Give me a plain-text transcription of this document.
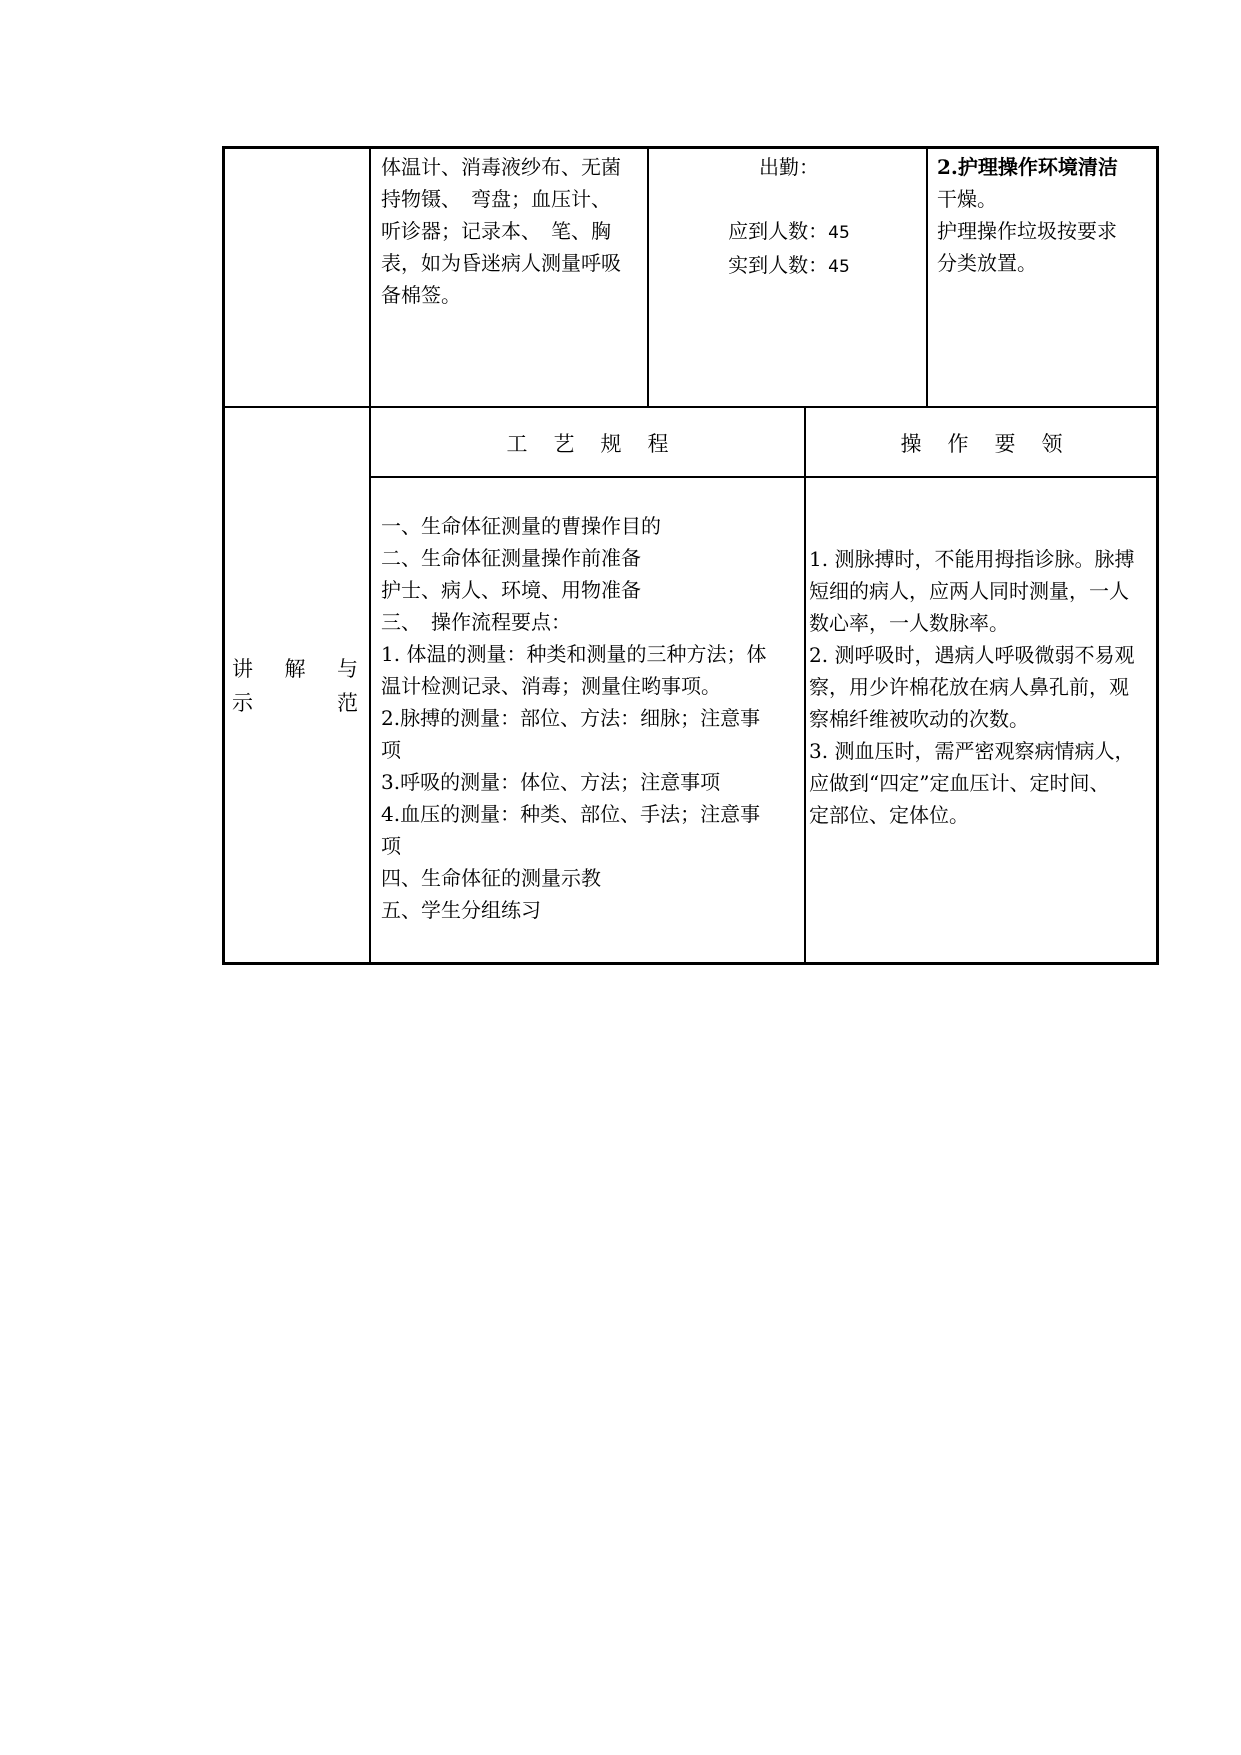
体温计、消毒液纱布、无菌
持物镊、　弯盘；血压计、
听诊器；记录本、　笔、胸
表，如为昏迷病人测量呼吸
备棉签。
出勤：
应到人数：45
实到人数：45
2.护理操作环境清洁
干燥。
护理操作垃圾按要求
分类放置。
讲 解 与
示	范
工 艺 规 程	操 作 要 领
一、生命体征测量的曹操作目的
二、生命体征测量操作前准备
护士、病人、环境、用物准备
三、　操作流程要点：
1. 体温的测量：种类和测量的三种方法；体
温计检测记录、消毒；测量住哟事项。
2.脉搏的测量：部位、方法：细脉；注意事
项
3.呼吸的测量：体位、方法；注意事项
4.血压的测量：种类、部位、手法；注意事
项
四、生命体征的测量示教
五、学生分组练习
1. 测脉搏时，不能用拇指诊脉。脉搏
短细的病人，应两人同时测量，一人
数心率，一人数脉率。
2. 测呼吸时，遇病人呼吸微弱不易观
察，用少许棉花放在病人鼻孔前，观
察棉纤维被吹动的次数。
3. 测血压时，需严密观察病情病人，
应做到“四定”定血压计、定时间、
定部位、定体位。
